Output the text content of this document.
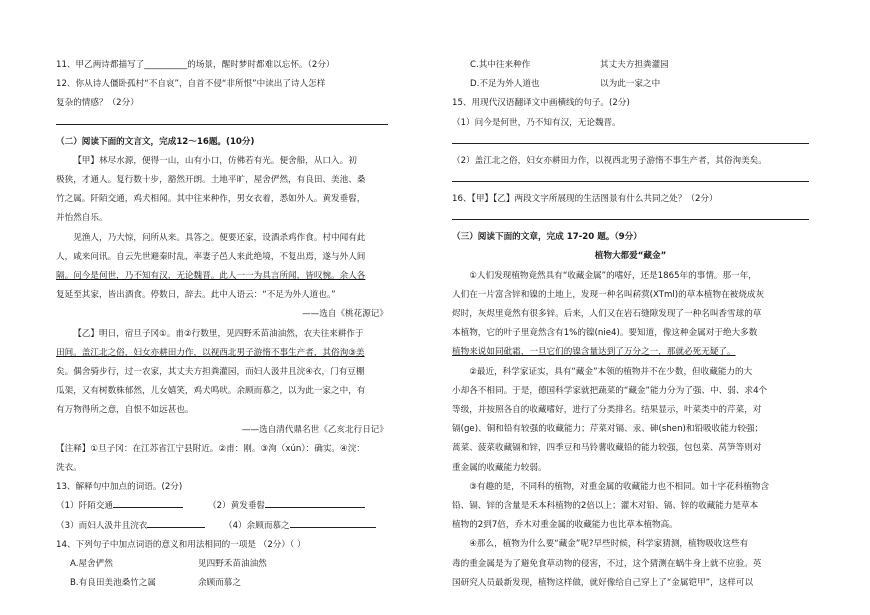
11、甲乙两诗都描写了__________的场景，醒时梦时都难以忘怀。（2分）

12、你从诗人僵卧孤村“不自哀”，自首不侵“非所恨”中读出了诗人怎样

复杂的情感？（2分）

（二）阅读下面的文言文，完成12～16题。(10分)

【甲】林尽水源，便得一山，山有小口，仿佛若有光。便舍船，从口入。初

极狭，才通人。复行数十步，豁然开朗。土地平旷，屋舍俨然，有良田、美池、桑

竹之属。阡陌交通，鸡犬相闻。其中往来种作，男女衣着，悉如外人。黄发垂髫，

并怡然自乐。

见渔人，乃大惊，问所从来。具答之。便要还家，设酒杀鸡作食。村中闻有此

人，咸来问讯。自云先世避秦时乱，率妻子邑人来此绝境，不复出焉，遂与外人间

隔。问今是何世，乃不知有汉，无论魏晋。此人一一为具言所闻，皆叹惋。余人各

复延至其家，皆出酒食。停数日，辞去。此中人语云：“不足为外人道也。”

——选自《桃花源记》

【乙】明日，宿旦子冈①。甫②行数里，见四野禾苗油油然，农夫往来耕作于

田间。盖江北之俗，妇女亦耕田力作，以视西北男子游惰不事生产者，其俗洵③美

矣。偶舍骑步行，过一农家，其丈夫方担粪灌园，而妇人汲井且浣④衣，门有豆棚

瓜架，又有树数株郁然，儿女嬉笑，鸡犬鸣吠。余顾而慕之，以为此一家之中，有

有万物得所之意，自恨不如远甚也。

——选自清代鼎名世《乙亥北行日记》

【注释】①旦子冈：在江苏省江宁县附近。②甫：刚。③洵（xún）：确实。④浣：

洗衣。

13、解释句中加点的词语。(2分)

（1）阡陌交通	（2）黄发垂髫

（3）而妇人汲井且浣衣	（4）余顾而慕之

14、下列句子中加点词语的意义和用法相同的一项是 （2分）（ ）

A.屋舍俨然	见四野禾苗油油然

B.有良田美池桑竹之属	余顾而慕之

C.其中往来种作	其丈夫方担粪灌园

D.不足为外人道也	以为此一家之中

15、用现代汉语翻译文中画横线的句子。(2分)

（1）问今是何世，乃不知有汉，无论魏晋。

（2）盖江北之俗，妇女亦耕田力作，以视西北男子游惰不事生产者，其俗洵美矣。

16、【甲】【乙】两段文字所展现的生活图景有什么共同之处？（2分）

（三）阅读下面的文章，完成 17-20 题。（9分）

植物大都爱“藏金”

①人们发现植物竟然具有“收藏金属”的嗜好，还是1865年的事情。那一年，

人们在一片富含锌和镍的土地上，发现一种名叫菥蓂(XTml)的草本植物在被烧成灰

烬时，灰烬里竟然有很多锌。后来，人们又在岩石缝隙发现了一种名叫香雪球的草

本植物，它的叶子里竟然含有1%的镍(nie4)。要知道，像这种金属对于绝大多数

植物来说如同砒霜，一旦它们的镍含量达到了万分之一，那就必死无疑了。

②最近，科学家证实，具有“藏金”本领的植物并不在少数，但收藏能力的大

小却各不相同。于是，德国科学家就把蔬菜的“藏金”能力分为了强、中、弱、求4个

等级，并按照各自的收藏嗜好，进行了分类排名。结果显示，叶菜类中的芹菜，对

镉(ge)、铜和铅有较强的收藏能力；芹菜对镉、汞、砷(shen)和铅吸收能力较强；

蒿菜、菠菜收藏镉和锌，四季豆和马铃薯收藏铅的能力较强，包包菜、莴笋等则对

重金属的收藏能力较弱。

③有趣的是，不同科的植物，对重金属的收藏能力也不相同。如十字花科植物含

铅、镉、锌的含量是禾本科植物的2倍以上；灌木对铅、镉、锌的收藏能力是草本

植物的2到7倍，乔木对重金属的收藏能力也比草本植物高。

④那么，植物为什么要“藏金”呢?早些时候，科学家猜测，植物吸收这些有

毒的重金属是为了避免食草动物的侵害，不过，这个猜测在蜗牛身上就不应验。英

国研究人员最新发现，植物这样做，就好像给自己穿上了“金属铠甲”，这样可以
